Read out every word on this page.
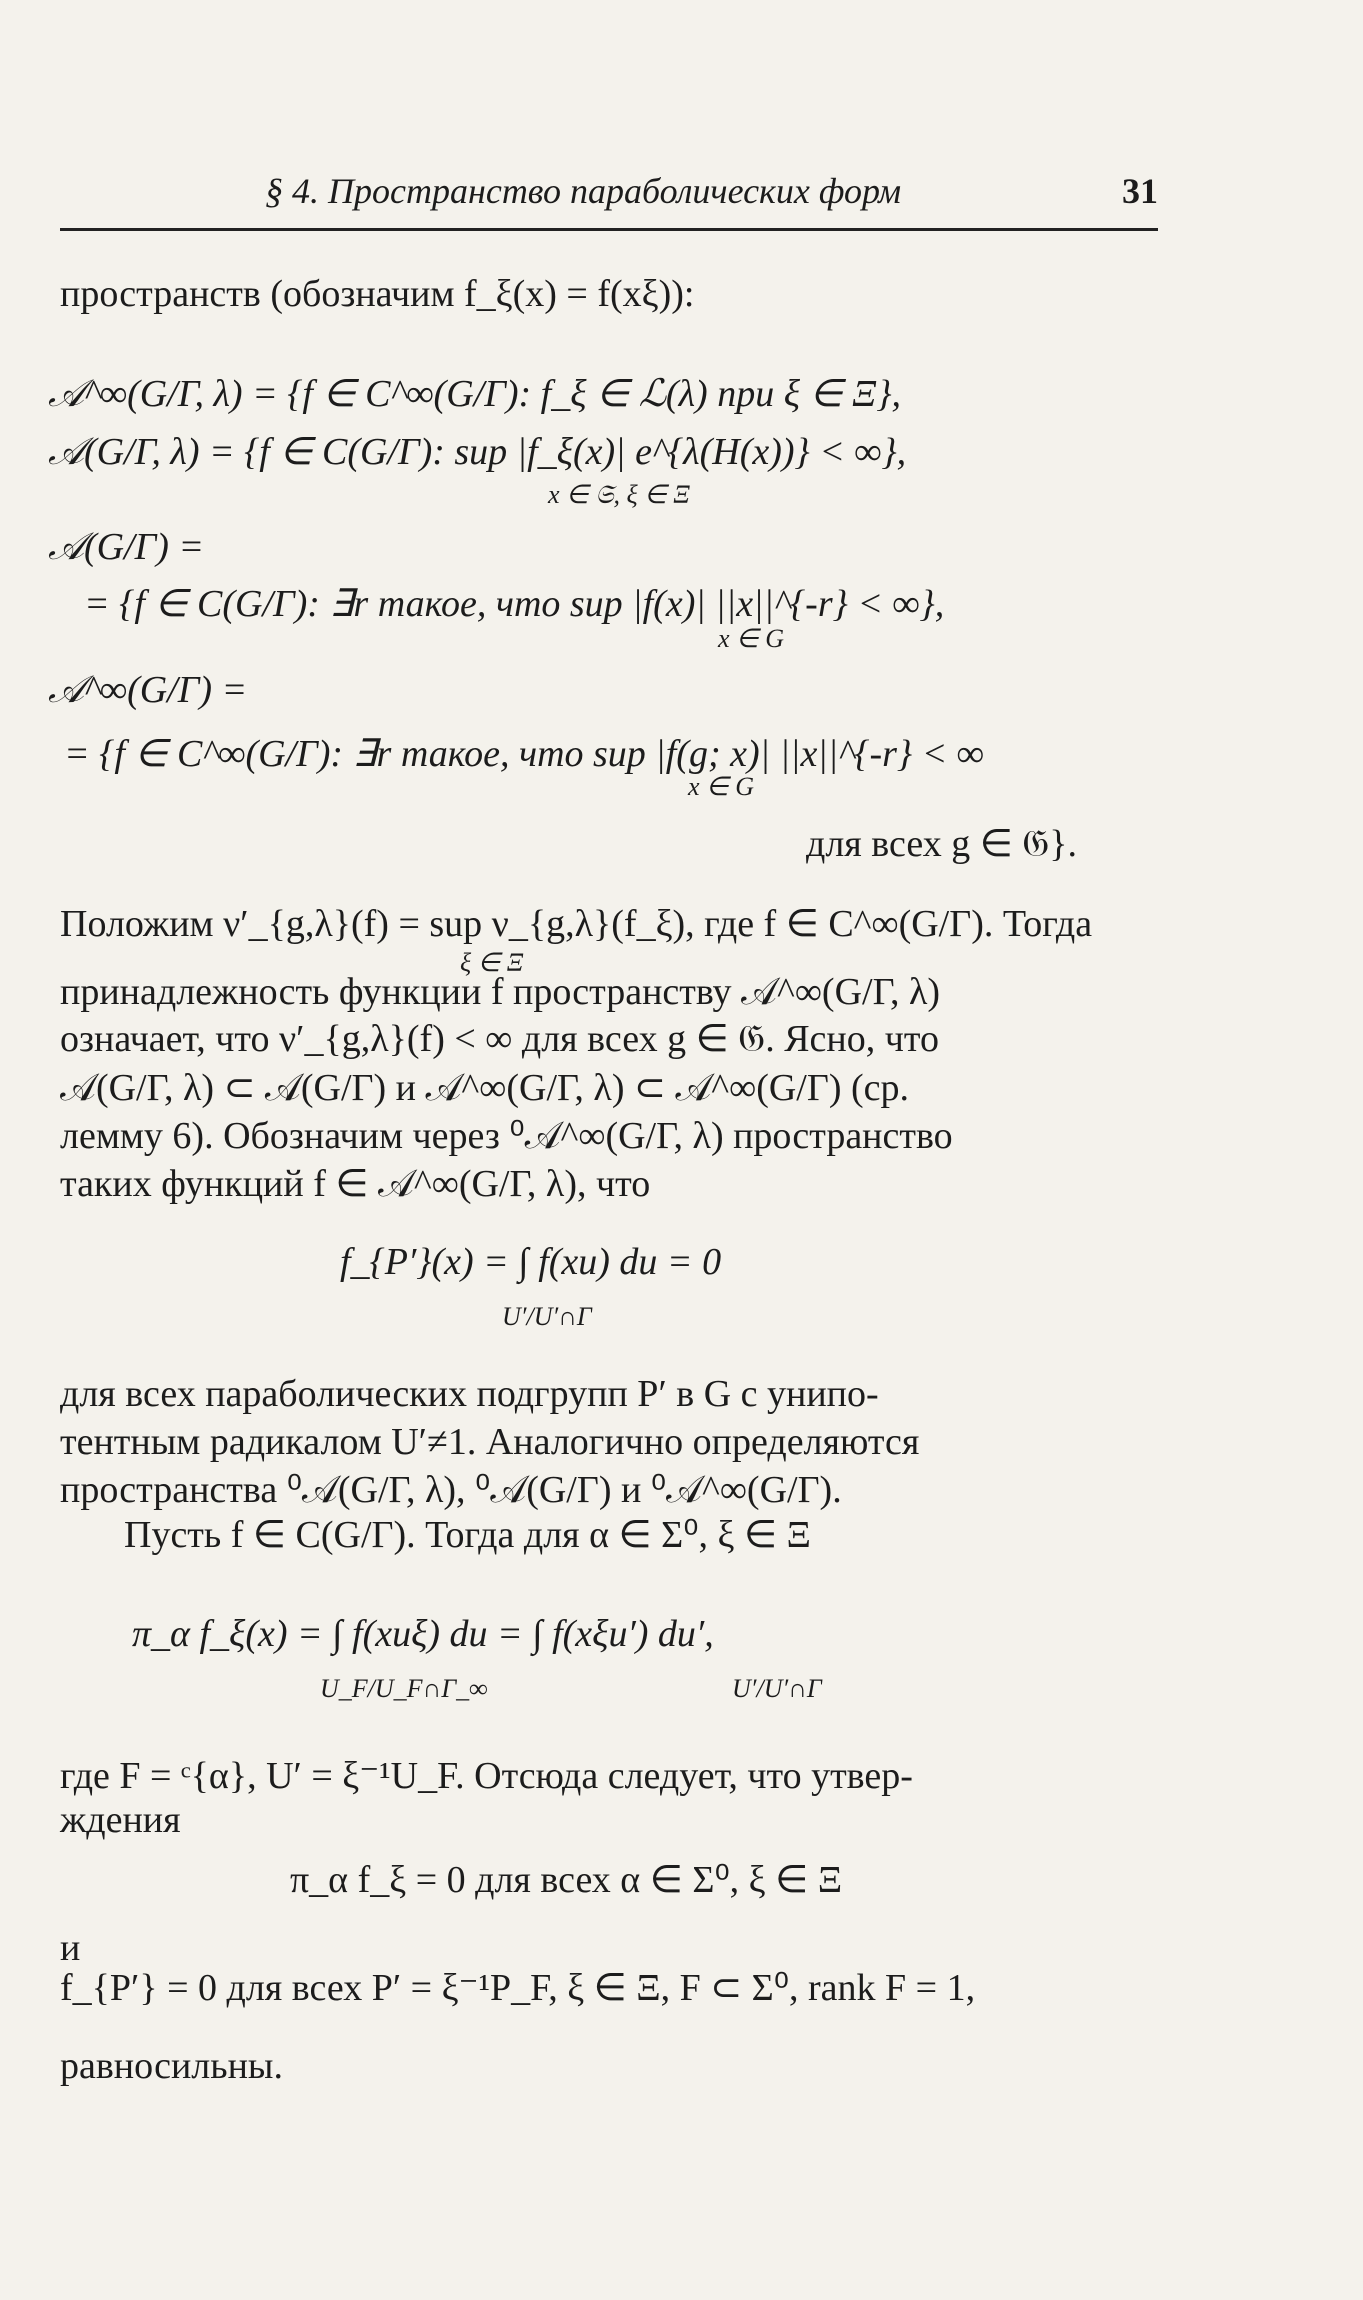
§ 4. Пространство параболических форм	31
пространств (обозначим f_ξ(x) = f(xξ)):
𝒜^∞(G/Γ, λ) = {f ∈ C^∞(G/Γ): f_ξ ∈ ℒ(λ) при ξ ∈ Ξ},
𝒜(G/Γ, λ) = {f ∈ C(G/Γ): sup |f_ξ(x)| e^{λ(H(x))} < ∞},
x ∈ 𝔖, ξ ∈ Ξ
𝒜(G/Γ) =
= {f ∈ C(G/Γ): ∃r такое, что sup |f(x)| ||x||^{-r} < ∞},
x ∈ G
𝒜^∞(G/Γ) =
= {f ∈ C^∞(G/Γ): ∃r такое, что sup |f(g; x)| ||x||^{-r} < ∞
x ∈ G
для всех g ∈ 𝔊}.
Положим ν′_{g,λ}(f) = sup ν_{g,λ}(f_ξ), где f ∈ C^∞(G/Γ). Тогда
ξ ∈ Ξ
принадлежность функции f пространству 𝒜^∞(G/Γ, λ)
означает, что ν′_{g,λ}(f) < ∞ для всех g ∈ 𝔊. Ясно, что
𝒜(G/Γ, λ) ⊂ 𝒜(G/Γ) и 𝒜^∞(G/Γ, λ) ⊂ 𝒜^∞(G/Γ) (ср.
лемму 6). Обозначим через ⁰𝒜^∞(G/Γ, λ) пространство
таких функций f ∈ 𝒜^∞(G/Γ, λ), что
f_{P′}(x) = ∫ f(xu) du = 0
U′/U′∩Γ
для всех параболических подгрупп P′ в G с унипо-
тентным радикалом U′≠1. Аналогично определяются
пространства ⁰𝒜(G/Γ, λ), ⁰𝒜(G/Γ) и ⁰𝒜^∞(G/Γ).
Пусть f ∈ C(G/Γ). Тогда для α ∈ Σ⁰, ξ ∈ Ξ
π_α f_ξ(x) = ∫ f(xuξ) du = ∫ f(xξu′) du′,
U_F/U_F∩Γ_∞	U′/U′∩Γ
где F = ᶜ{α}, U′ = ξ⁻¹U_F. Отсюда следует, что утвер-
ждения
π_α f_ξ = 0 для всех α ∈ Σ⁰, ξ ∈ Ξ
и
f_{P′} = 0 для всех P′ = ξ⁻¹P_F, ξ ∈ Ξ, F ⊂ Σ⁰, rank F = 1,
равносильны.
